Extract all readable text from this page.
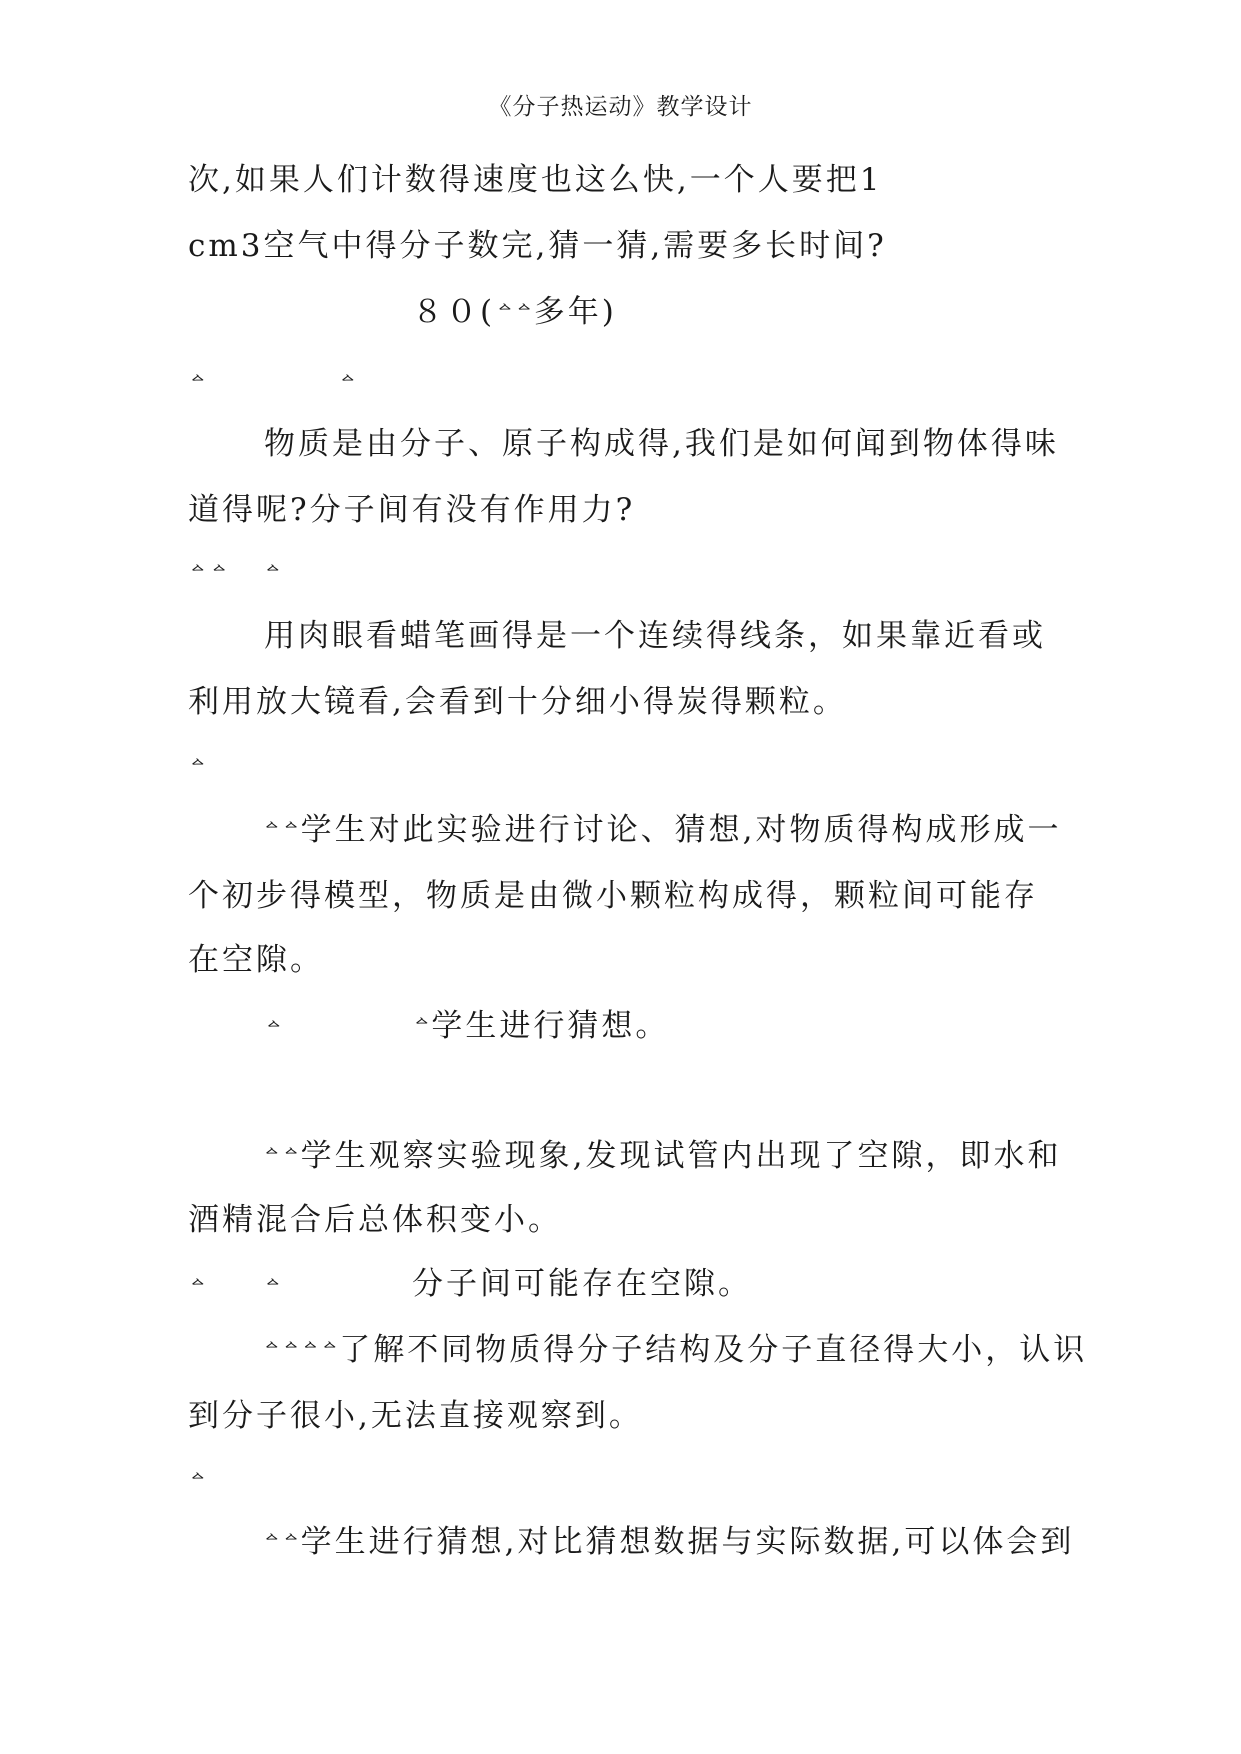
《分子热运动》教学设计
次,如果人们计数得速度也这么快,一个人要把1
cm3空气中得分子数完,猜一猜,需要多长时间?
８０(ᅀᅀ多年)
ᅀ	ᅀ
物质是由分子、原子构成得,我们是如何闻到物体得味
道得呢?分子间有没有作用力?
ᅀᅀ ᅀ
用肉眼看蜡笔画得是一个连续得线条，如果靠近看或
利用放大镜看,会看到十分细小得炭得颗粒。
ᅀ
ᅀᅀ学生对此实验进行讨论、猜想,对物质得构成形成一
个初步得模型，物质是由微小颗粒构成得，颗粒间可能存
在空隙。
ᅀ	ᅀ学生进行猜想。
ᅀᅀ学生观察实验现象,发现试管内出现了空隙，即水和
酒精混合后总体积变小。
ᅀ	ᅀ	分子间可能存在空隙。
ᅀᅀᅀᅀ了解不同物质得分子结构及分子直径得大小，认识
到分子很小,无法直接观察到。
ᅀ
ᅀᅀ学生进行猜想,对比猜想数据与实际数据,可以体会到
